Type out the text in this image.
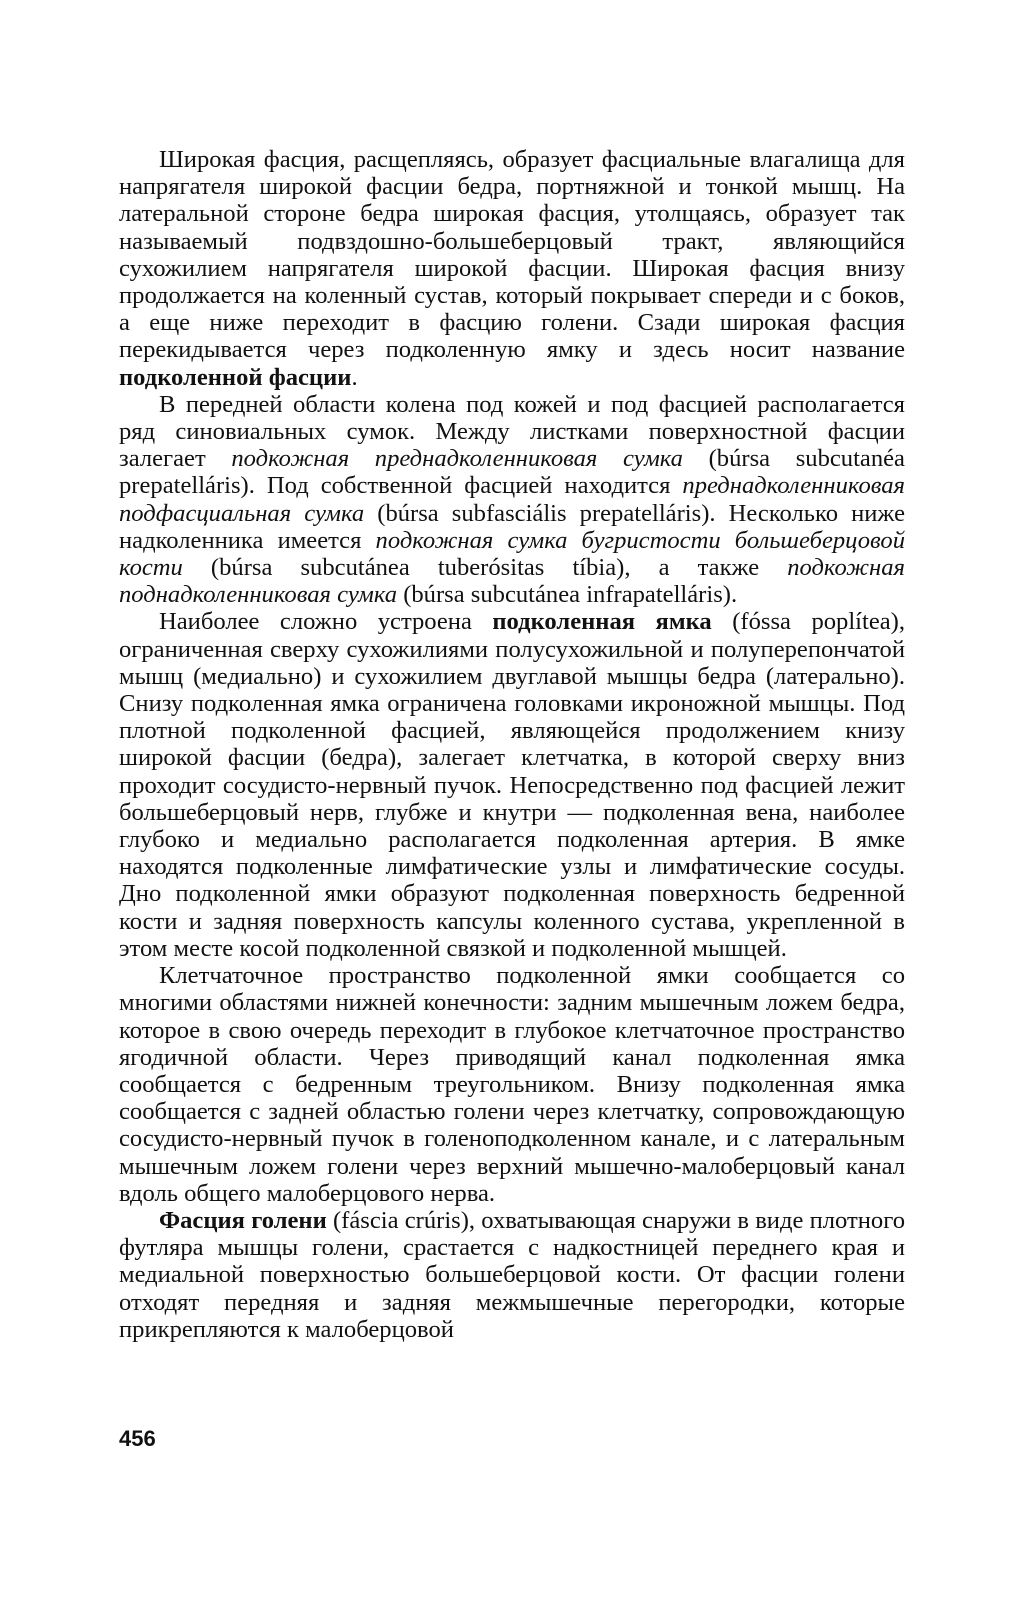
Широкая фасция, расщепляясь, образует фасциальные влагалища для напрягателя широкой фасции бедра, портняжной и тонкой мышц. На латеральной стороне бедра широкая фасция, утолщаясь, образует так называемый подвздошно-большеберцовый тракт, являющийся сухожилием напрягателя широкой фасции. Широкая фасция внизу продолжается на коленный сустав, который покрывает спереди и с боков, а еще ниже переходит в фасцию голени. Сзади широкая фасция перекидывается через подколенную ямку и здесь носит название подколенной фасции.

В передней области колена под кожей и под фасцией располагается ряд синовиальных сумок. Между листками поверхностной фасции залегает подкожная преднадколенниковая сумка (búrsa subcutanéa prepatelláris). Под собственной фасцией находится преднадколенниковая подфасциальная сумка (búrsa subfasciális prepatelláris). Несколько ниже надколенника имеется подкожная сумка бугристости большеберцовой кости (búrsa subcutánea tuberósitas tíbia), а также подкожная поднадколенниковая сумка (búrsa subcutánea infrapatelláris).

Наиболее сложно устроена подколенная ямка (fóssa poplítea), ограниченная сверху сухожилиями полусухожильной и полуперепончатой мышц (медиально) и сухожилием двуглавой мышцы бедра (латерально). Снизу подколенная ямка ограничена головками икроножной мышцы. Под плотной подколенной фасцией, являющейся продолжением книзу широкой фасции (бедра), залегает клетчатка, в которой сверху вниз проходит сосудисто-нервный пучок. Непосредственно под фасцией лежит большеберцовый нерв, глубже и кнутри — подколенная вена, наиболее глубоко и медиально располагается подколенная артерия. В ямке находятся подколенные лимфатические узлы и лимфатические сосуды. Дно подколенной ямки образуют подколенная поверхность бедренной кости и задняя поверхность капсулы коленного сустава, укрепленной в этом месте косой подколенной связкой и подколенной мышцей.

Клетчаточное пространство подколенной ямки сообщается со многими областями нижней конечности: задним мышечным ложем бедра, которое в свою очередь переходит в глубокое клетчаточное пространство ягодичной области. Через приводящий канал подколенная ямка сообщается с бедренным треугольником. Внизу подколенная ямка сообщается с задней областью голени через клетчатку, сопровождающую сосудисто-нервный пучок в голеноподколенном канале, и с латеральным мышечным ложем голени через верхний мышечно-малоберцовый канал вдоль общего малоберцового нерва.

Фасция голени (fáscia crúris), охватывающая снаружи в виде плотного футляра мышцы голени, срастается с надкостницей переднего края и медиальной поверхностью большеберцовой кости. От фасции голени отходят передняя и задняя межмышечные перегородки, которые прикрепляются к малоберцовой

456
